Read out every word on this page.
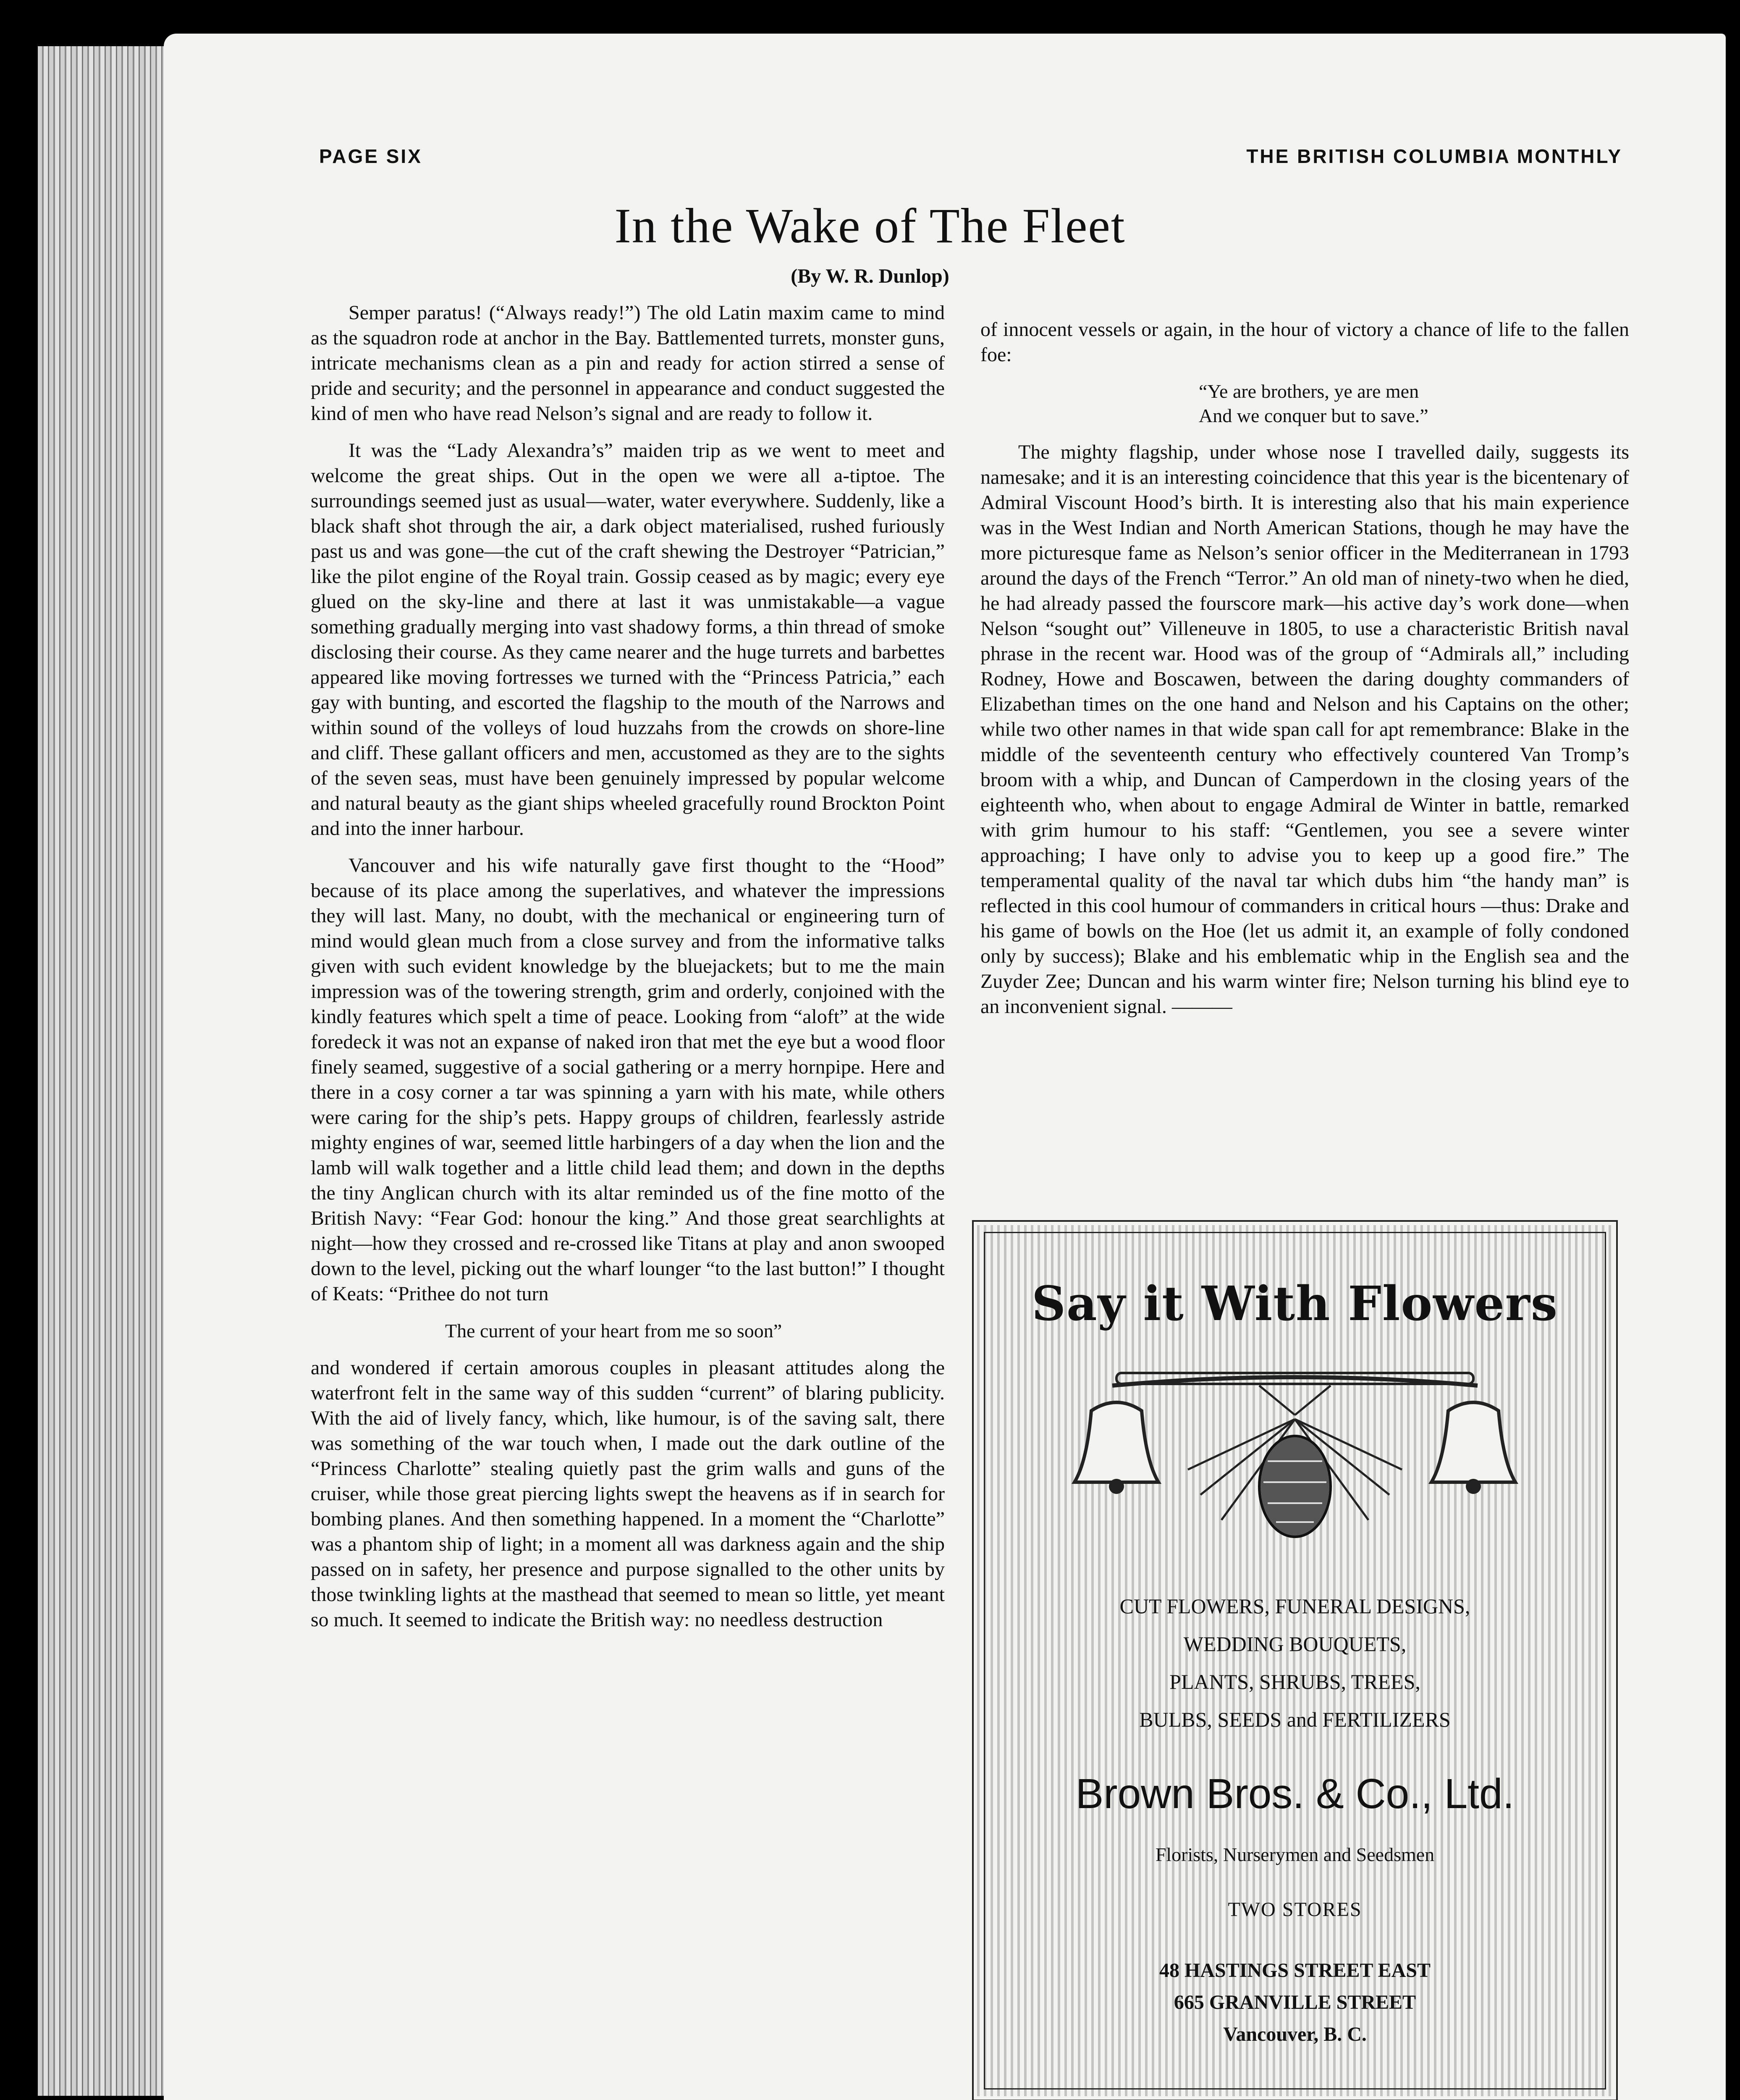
PAGE SIX	THE BRITISH COLUMBIA MONTHLY
In the Wake of The Fleet
(By W. R. Dunlop)

Semper paratus! (“Always ready!”) The old Latin maxim came to mind as the squadron rode at anchor in the Bay. Battlemented turrets, monster guns, intricate mechanisms clean as a pin and ready for action stirred a sense of pride and security; and the personnel in appearance and conduct suggested the kind of men who have read Nelson’s signal and are ready to follow it.

It was the “Lady Alexandra’s” maiden trip as we went to meet and welcome the great ships. Out in the open we were all a-tiptoe. The surroundings seemed just as usual—water, water everywhere. Suddenly, like a black shaft shot through the air, a dark object materialised, rushed furiously past us and was gone—the cut of the craft shewing the Destroyer “Patrician,” like the pilot engine of the Royal train. Gossip ceased as by magic; every eye glued on the sky-line and there at last it was unmistakable—a vague something gradually merging into vast shadowy forms, a thin thread of smoke disclosing their course. As they came nearer and the huge turrets and barbettes appeared like moving fortresses we turned with the “Princess Patricia,” each gay with bunting, and escorted the flagship to the mouth of the Narrows and within sound of the volleys of loud huzzahs from the crowds on shore-line and cliff. These gallant officers and men, accustomed as they are to the sights of the seven seas, must have been genuinely impressed by popular welcome and natural beauty as the giant ships wheeled gracefully round Brockton Point and into the inner harbour.

Vancouver and his wife naturally gave first thought to the “Hood” because of its place among the superlatives, and whatever the impressions they will last. Many, no doubt, with the mechanical or engineering turn of mind would glean much from a close survey and from the informative talks given with such evident knowledge by the bluejackets; but to me the main impression was of the towering strength, grim and orderly, conjoined with the kindly features which spelt a time of peace. Looking from “aloft” at the wide foredeck it was not an expanse of naked iron that met the eye but a wood floor finely seamed, suggestive of a social gathering or a merry hornpipe. Here and there in a cosy corner a tar was spinning a yarn with his mate, while others were caring for the ship’s pets. Happy groups of children, fearlessly astride mighty engines of war, seemed little harbingers of a day when the lion and the lamb will walk together and a little child lead them; and down in the depths the tiny Anglican church with its altar reminded us of the fine motto of the British Navy: “Fear God: honour the king.” And those great searchlights at night—how they crossed and re-crossed like Titans at play and anon swooped down to the level, picking out the wharf lounger “to the last button!” I thought of Keats: “Prithee do not turn

The current of your heart from me so soon”

and wondered if certain amorous couples in pleasant attitudes along the waterfront felt in the same way of this sudden “current” of blaring publicity. With the aid of lively fancy, which, like humour, is of the saving salt, there was something of the war touch when, I made out the dark outline of the “Princess Charlotte” stealing quietly past the grim walls and guns of the cruiser, while those great piercing lights swept the heavens as if in search for bombing planes. And then something happened. In a moment the “Charlotte” was a phantom ship of light; in a moment all was darkness again and the ship passed on in safety, her presence and purpose signalled to the other units by those twinkling lights at the masthead that seemed to mean so little, yet meant so much. It seemed to indicate the British way: no needless destruction

of innocent vessels or again, in the hour of victory a chance of life to the fallen foe:

“Ye are brothers, ye are men
And we conquer but to save.”

The mighty flagship, under whose nose I travelled daily, suggests its namesake; and it is an interesting coincidence that this year is the bicentenary of Admiral Viscount Hood’s birth. It is interesting also that his main experience was in the West Indian and North American Stations, though he may have the more picturesque fame as Nelson’s senior officer in the Mediterranean in 1793 around the days of the French “Terror.” An old man of ninety-two when he died, he had already passed the fourscore mark—his active day’s work done—when Nelson “sought out” Villeneuve in 1805, to use a characteristic British naval phrase in the recent war. Hood was of the group of “Admirals all,” including Rodney, Howe and Boscawen, between the daring doughty commanders of Elizabethan times on the one hand and Nelson and his Captains on the other; while two other names in that wide span call for apt remembrance: Blake in the middle of the seventeenth century who effectively countered Van Tromp’s broom with a whip, and Duncan of Camperdown in the closing years of the eighteenth who, when about to engage Admiral de Winter in battle, remarked with grim humour to his staff: “Gentlemen, you see a severe winter approaching; I have only to advise you to keep up a good fire.” The temperamental quality of the naval tar which dubs him “the handy man” is reflected in this cool humour of commanders in critical hours —thus: Drake and his game of bowls on the Hoe (let us admit it, an example of folly condoned only by success); Blake and his emblematic whip in the English sea and the Zuyder Zee; Duncan and his warm winter fire; Nelson turning his blind eye to an inconvenient signal. ———

Say it With Flowers
CUT FLOWERS, FUNERAL DESIGNS,
WEDDING BOUQUETS,
PLANTS, SHRUBS, TREES,
BULBS, SEEDS and FERTILIZERS
Brown Bros. & Co., Ltd.
Florists, Nurserymen and Seedsmen
TWO STORES
48 HASTINGS STREET EAST
665 GRANVILLE STREET
Vancouver, B. C.
